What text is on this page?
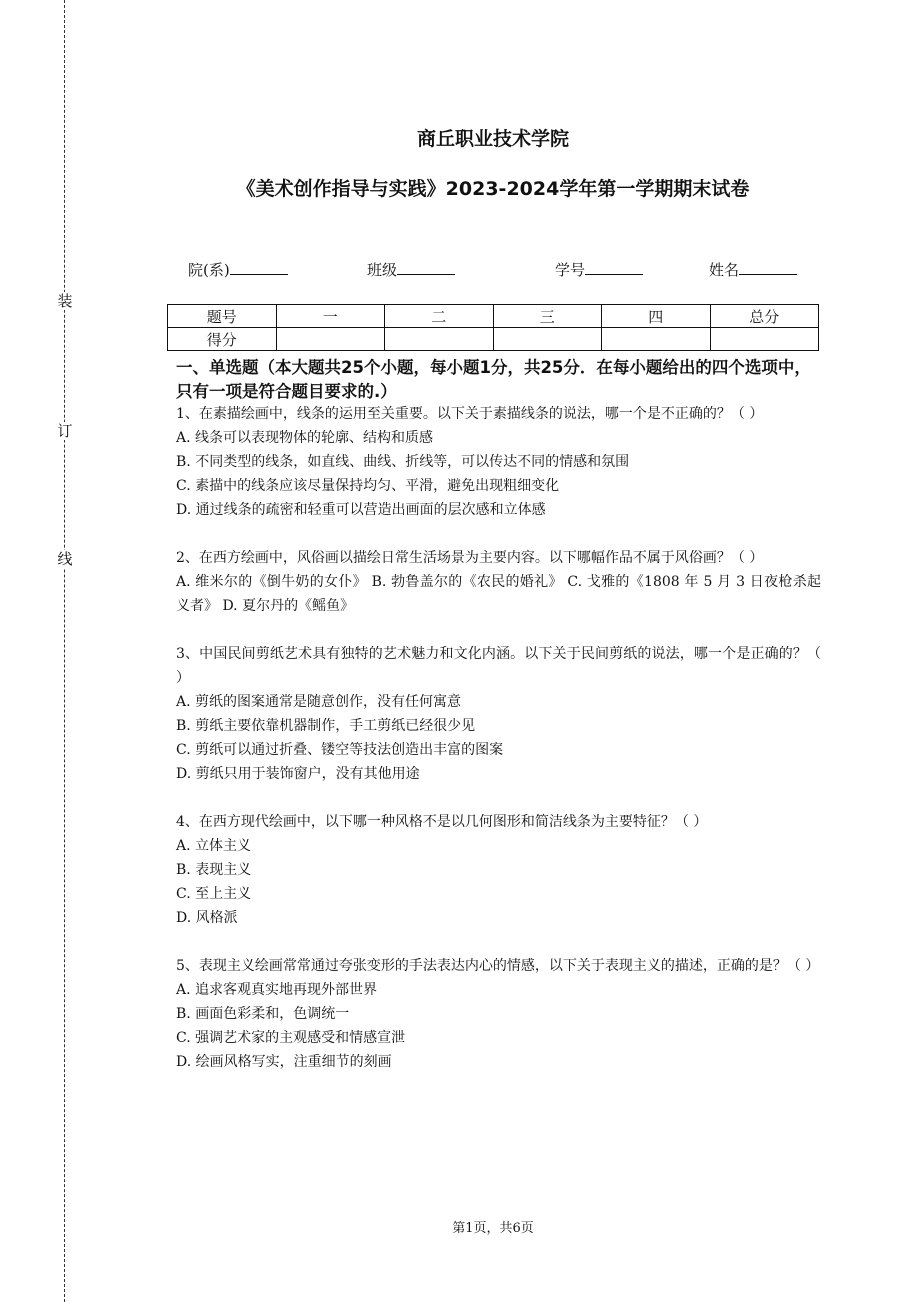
装
订
线
商丘职业技术学院
《美术创作指导与实践》2023-2024学年第一学期期末试卷
院(系)	班级	学号	姓名
题号	一	二	三	四	总分
得分					
一、单选题（本大题共25个小题，每小题1分，共25分．在每小题给出的四个选项中，只有一项是符合题目要求的.）
1、在素描绘画中，线条的运用至关重要。以下关于素描线条的说法，哪一个是不正确的？（ ）
A. 线条可以表现物体的轮廓、结构和质感
B. 不同类型的线条，如直线、曲线、折线等，可以传达不同的情感和氛围
C. 素描中的线条应该尽量保持均匀、平滑，避免出现粗细变化
D. 通过线条的疏密和轻重可以营造出画面的层次感和立体感
2、在西方绘画中，风俗画以描绘日常生活场景为主要内容。以下哪幅作品不属于风俗画？（ ）
A. 维米尔的《倒牛奶的女仆》 B. 勃鲁盖尔的《农民的婚礼》 C. 戈雅的《1808 年 5 月 3 日夜枪杀起义者》 D. 夏尔丹的《鳐鱼》
3、中国民间剪纸艺术具有独特的艺术魅力和文化内涵。以下关于民间剪纸的说法，哪一个是正确的？（ ）
A. 剪纸的图案通常是随意创作，没有任何寓意
B. 剪纸主要依靠机器制作，手工剪纸已经很少见
C. 剪纸可以通过折叠、镂空等技法创造出丰富的图案
D. 剪纸只用于装饰窗户，没有其他用途
4、在西方现代绘画中，以下哪一种风格不是以几何图形和简洁线条为主要特征？（ ）
A. 立体主义
B. 表现主义
C. 至上主义
D. 风格派
5、表现主义绘画常常通过夸张变形的手法表达内心的情感，以下关于表现主义的描述，正确的是？（ ）
A. 追求客观真实地再现外部世界
B. 画面色彩柔和，色调统一
C. 强调艺术家的主观感受和情感宣泄
D. 绘画风格写实，注重细节的刻画
第1页，共6页
